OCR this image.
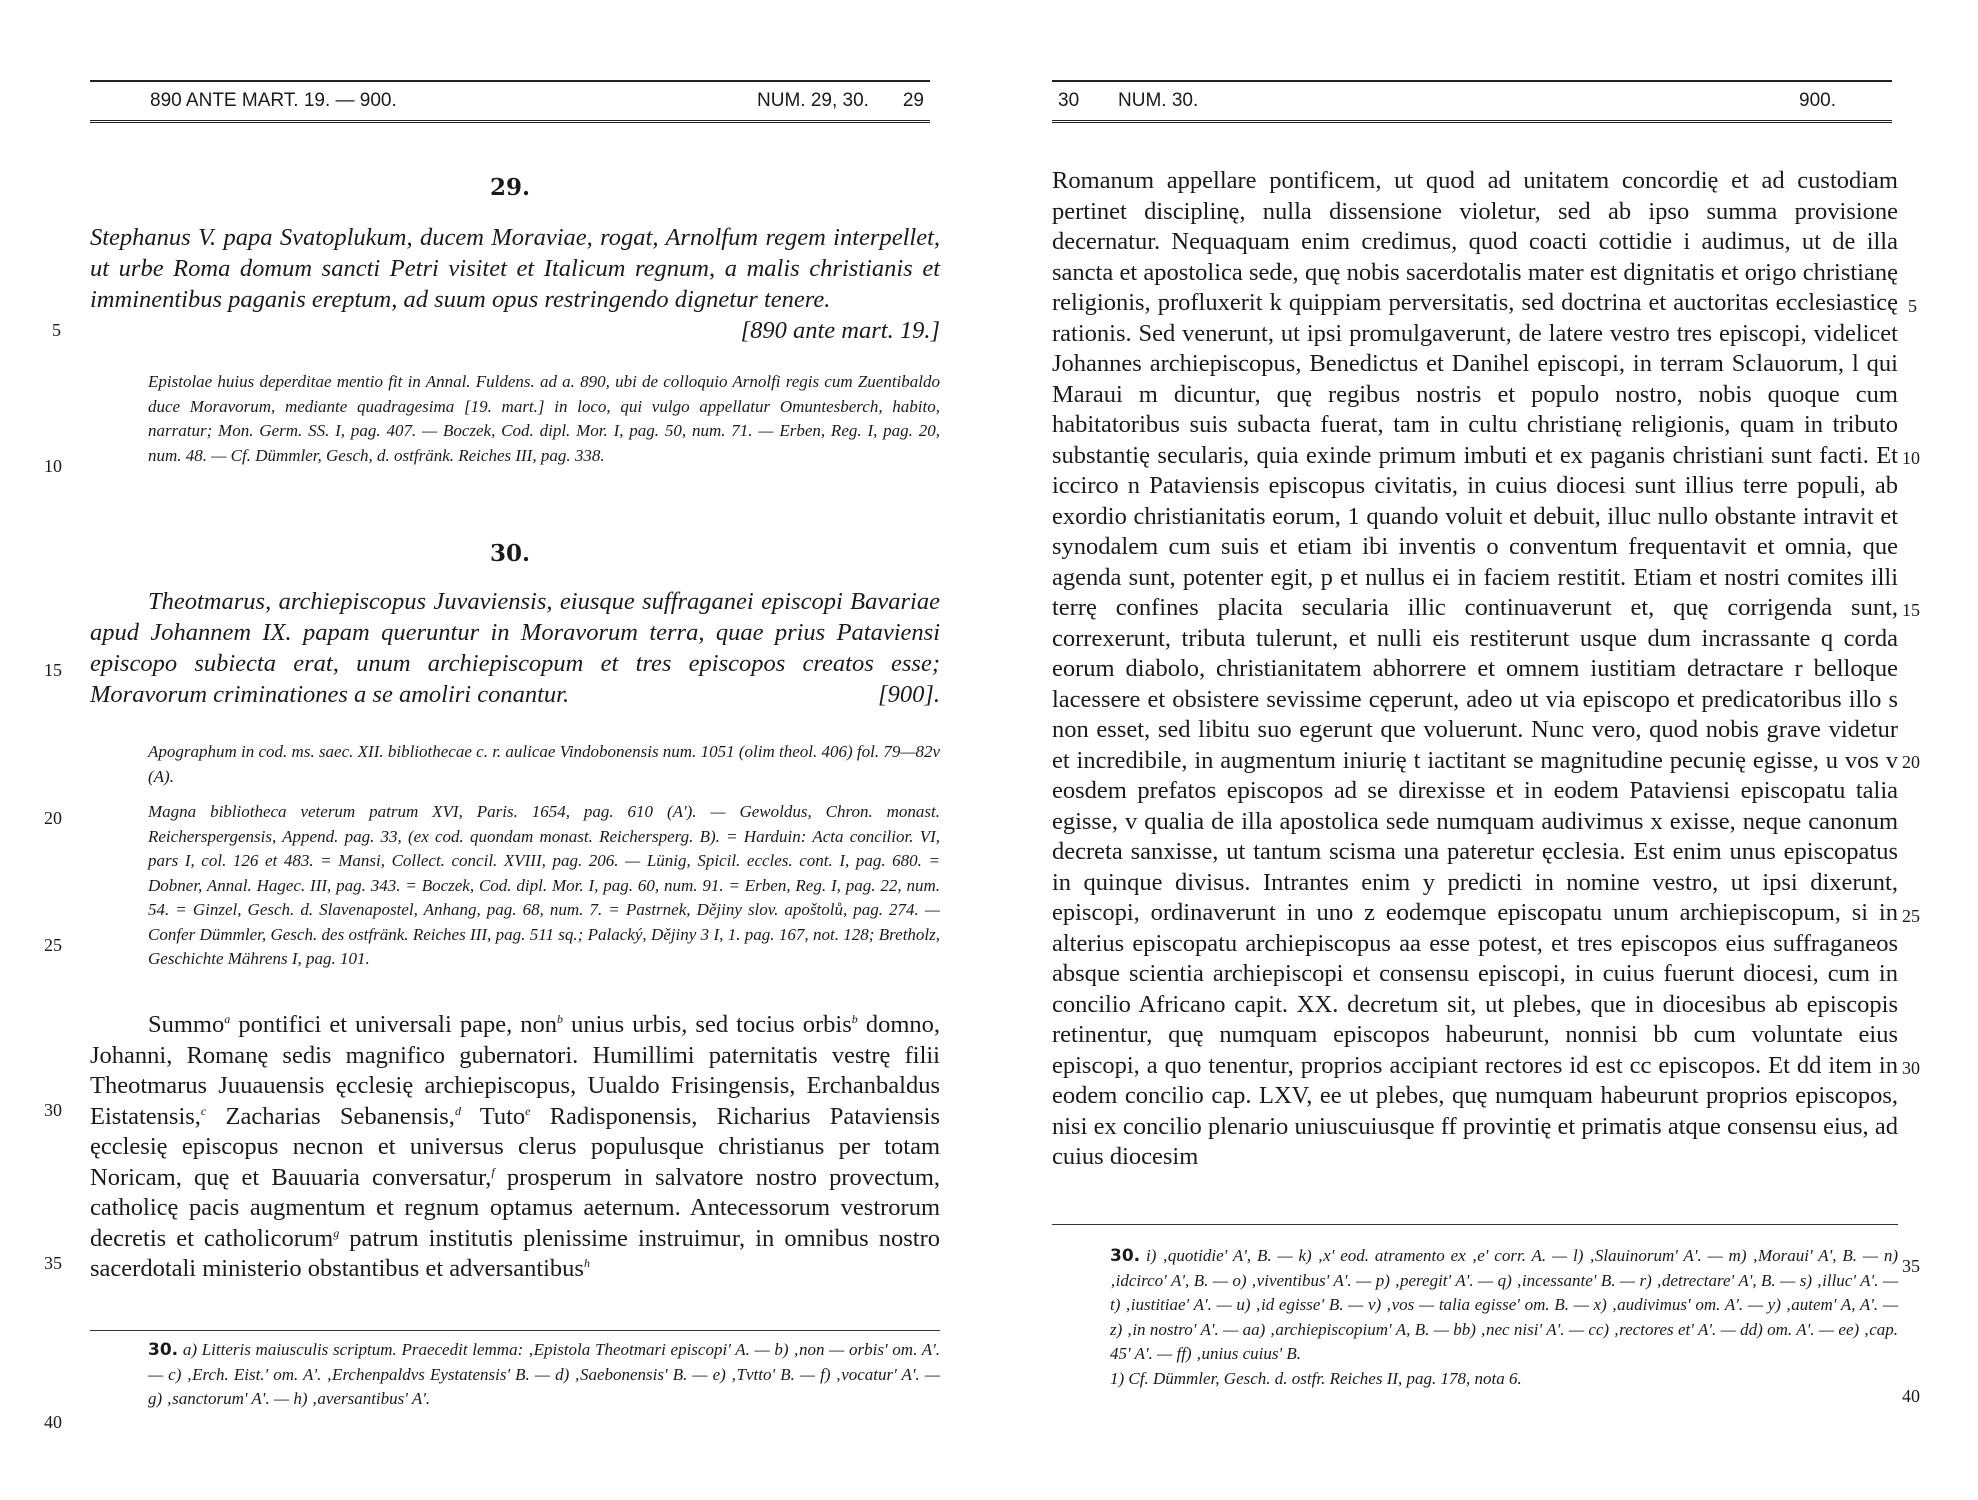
890 ANTE MART. 19. — 900.	NUM. 29, 30. 29
29.
Stephanus V. papa Svatoplukum, ducem Moraviae, rogat, Arnolfum regem interpellet, ut urbe Roma domum sancti Petri visitet et Italicum regnum, a malis christianis et imminentibus paganis ereptum, ad suum opus restringendo dignetur tenere.
[890 ante mart. 19.]
Epistolae huius deperditae mentio fit in Annal. Fuldens. ad a. 890, ubi de colloquio Arnolfi regis cum Zuentibaldo duce Moravorum, mediante quadragesima [19. mart.] in loco, qui vulgo appellatur Omuntesberch, habito, narratur; Mon. Germ. SS. I, pag. 407. — Boczek, Cod. dipl. Mor. I, pag. 50, num. 71. — Erben, Reg. I, pag. 20, num. 48. — Cf. Dümmler, Gesch, d. ostfränk. Reiches III, pag. 338.
30.
Theotmarus, archiepiscopus Juvaviensis, eiusque suffraganei episcopi Bavariae apud Johannem IX. papam queruntur in Moravorum terra, quae prius Pataviensi episcopo subiecta erat, unum archiepiscopum et tres episcopos creatos esse; Moravorum criminationes a se amoliri conantur.	[900].
Apographum in cod. ms. saec. XII. bibliothecae c. r. aulicae Vindobonensis num. 1051 (olim theol. 406) fol. 79—82v (A).
Magna bibliotheca veterum patrum XVI, Paris. 1654, pag. 610 (A'). — Gewoldus, Chron. monast. Reicherspergensis, Append. pag. 33, (ex cod. quondam monast. Reichersperg. B). = Harduin: Acta concilior. VI, pars I, col. 126 et 483. = Mansi, Collect. concil. XVIII, pag. 206. — Lünig, Spicil. eccles. cont. I, pag. 680. = Dobner, Annal. Hagec. III, pag. 343. = Boczek, Cod. dipl. Mor. I, pag. 60, num. 91. = Erben, Reg. I, pag. 22, num. 54. = Ginzel, Gesch. d. Slavenapostel, Anhang, pag. 68, num. 7. = Pastrnek, Dějiny slov. apoštolů, pag. 274. — Confer Dümmler, Gesch. des ostfränk. Reiches III, pag. 511 sq.; Palacký, Dějiny 3 I, 1. pag. 167, not. 128; Bretholz, Geschichte Mährens I, pag. 101.

Summo$^a$ pontifici et universali pape, non$^b$ unius urbis, sed tocius orbis$^b$ domno, Johanni, Romanę sedis magnifico gubernatori. Humillimi paternitatis vestrę filii Theotmarus Juuauensis ęcclesię archiepiscopus, Uualdo Frisingensis, Erchanbaldus Eistatensis,$^c$ Zacharias Sebanensis,$^d$ Tuto$^e$ Radisponensis, Richarius Pataviensis ęcclesię episcopus necnon et universus clerus populusque christianus per totam Noricam, quę et Bauuaria conversatur,$^f$ prosperum in salvatore nostro provectum, catholicę pacis augmentum et regnum optamus aeternum. Antecessorum vestrorum decretis et catholicorum$^g$ patrum institutis plenissime instruimur, in omnibus nostro sacerdotali ministerio obstantibus et adversantibus$^h$

30. a) Litteris maiusculis scriptum. Praecedit lemma: ‚Epistola Theotmari episcopi' A. — b) ‚non — orbis' om. A'. — c) ‚Erch. Eist.' om. A'. ‚Erchenpaldvs Eystatensis' B. — d) ‚Saebonensis' B. — e) ‚Tvtto' B. — f) ‚vocatur' A'. — g) ‚sanctorum' A'. — h) ‚aversantibus' A'.
5
10
15
20
25
30
35
40
30 NUM. 30.	900.

Romanum appellare pontificem, ut quod ad unitatem concordię et ad custodiam pertinet disciplinę, nulla dissensione violetur, sed ab ipso summa provisione decernatur. Nequaquam enim credimus, quod coacti cottidie i audimus, ut de illa sancta et apostolica sede, quę nobis sacerdotalis mater est dignitatis et origo christianę religionis, profluxerit k quippiam perversitatis, sed doctrina et auctoritas ecclesiasticę rationis. Sed venerunt, ut ipsi promulgaverunt, de latere vestro tres episcopi, videlicet Johannes archiepiscopus, Benedictus et Danihel episcopi, in terram Sclauorum, l qui Maraui m dicuntur, quę regibus nostris et populo nostro, nobis quoque cum habitatoribus suis subacta fuerat, tam in cultu christianę religionis, quam in tributo substantię secularis, quia exinde primum imbuti et ex paganis christiani sunt facti. Et iccirco n Pataviensis episcopus civitatis, in cuius diocesi sunt illius terre populi, ab exordio christianitatis eorum, 1 quando voluit et debuit, illuc nullo obstante intravit et synodalem cum suis et etiam ibi inventis o conventum frequentavit et omnia, que agenda sunt, potenter egit, p et nullus ei in faciem restitit. Etiam et nostri comites illi terrę confines placita secularia illic continuaverunt et, quę corrigenda sunt, correxerunt, tributa tulerunt, et nulli eis restiterunt usque dum incrassante q corda eorum diabolo, christianitatem abhorrere et omnem iustitiam detractare r belloque lacessere et obsistere sevissime cęperunt, adeo ut via episcopo et predicatoribus illo s non esset, sed libitu suo egerunt que voluerunt. Nunc vero, quod nobis grave videtur et incredibile, in augmentum iniurię t iactitant se magnitudine pecunię egisse, u vos v eosdem prefatos episcopos ad se direxisse et in eodem Pataviensi episcopatu talia egisse, v qualia de illa apostolica sede numquam audivimus x exisse, neque canonum decreta sanxisse, ut tantum scisma una pateretur ęcclesia. Est enim unus episcopatus in quinque divisus. Intrantes enim y predicti in nomine vestro, ut ipsi dixerunt, episcopi, ordinaverunt in uno z eodemque episcopatu unum archiepiscopum, si in alterius episcopatu archiepiscopus aa esse potest, et tres episcopos eius suffraganeos absque scientia archiepiscopi et consensu episcopi, in cuius fuerunt diocesi, cum in concilio Africano capit. XX. decretum sit, ut plebes, que in diocesibus ab episcopis retinentur, quę numquam episcopos habeurunt, nonnisi bb cum voluntate eius episcopi, a quo tenentur, proprios accipiant rectores id est cc episcopos. Et dd item in eodem concilio cap. LXV, ee ut plebes, quę numquam habeurunt proprios episcopos, nisi ex concilio plenario uniuscuiusque ff provintię et primatis atque consensu eius, ad cuius diocesim

30. i) ‚quotidie' A', B. — k) ‚x' eod. atramento ex ‚e' corr. A. — l) ‚Slauinorum' A'. — m) ‚Moraui' A', B. — n) ‚idcirco' A', B. — o) ‚viventibus' A'. — p) ‚peregit' A'. — q) ‚incessante' B. — r) ‚detrectare' A', B. — s) ‚illuc' A'. — t) ‚iustitiae' A'. — u) ‚id egisse' B. — v) ‚vos — talia egisse' om. B. — x) ‚audivimus' om. A'. — y) ‚autem' A, A'. — z) ‚in nostro' A'. — aa) ‚archiepiscopium' A, B. — bb) ‚nec nisi' A'. — cc) ‚rectores et' A'. — dd) om. A'. — ee) ‚cap. 45' A'. — ff) ‚unius cuius' B.
1) Cf. Dümmler, Gesch. d. ostfr. Reiches II, pag. 178, nota 6.
5
10
15
20
25
30
35
40
